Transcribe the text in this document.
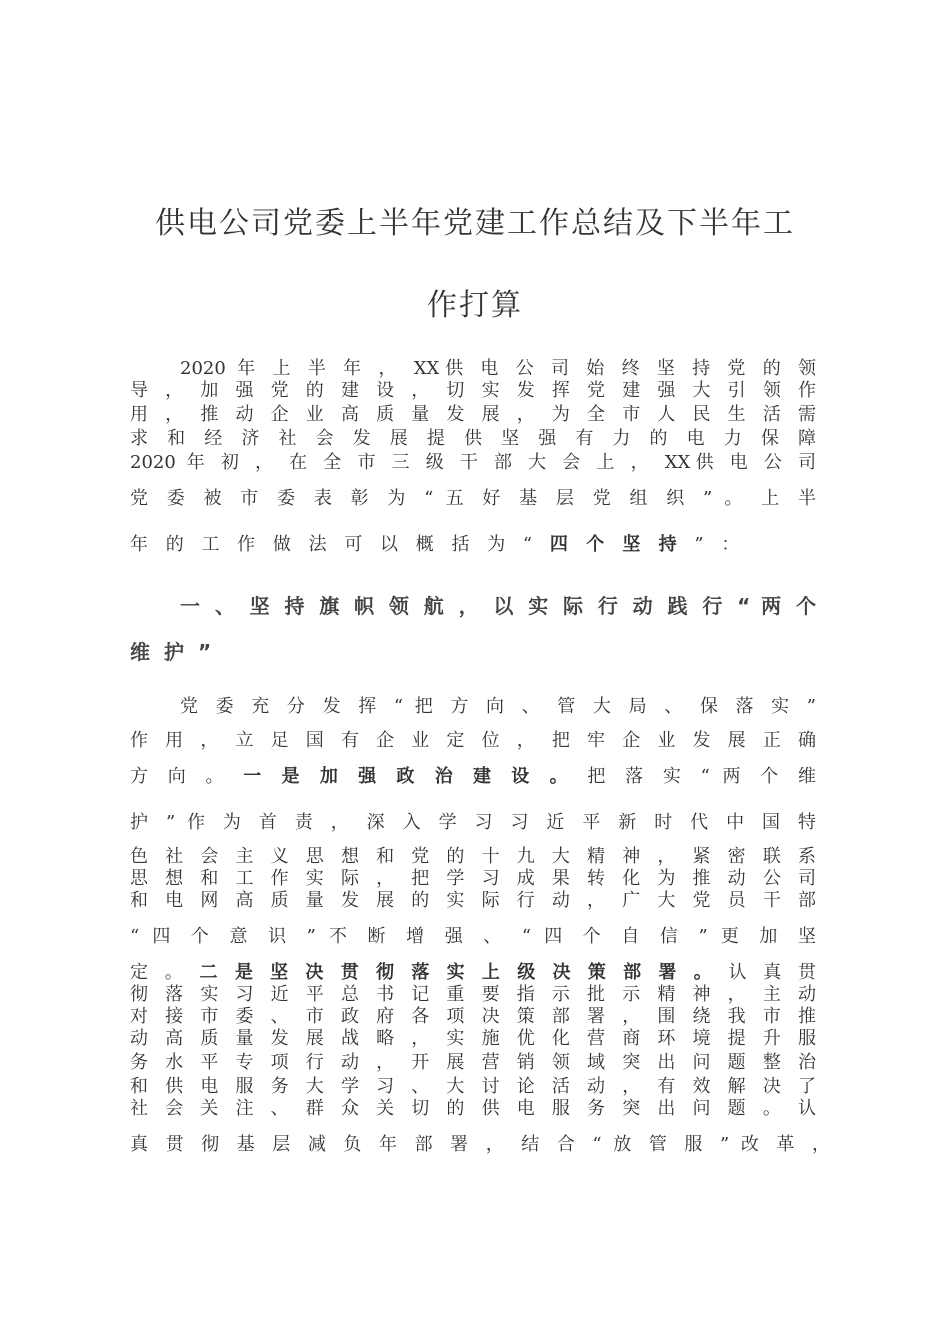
供电公司党委上半年党建工作总结及下半年工
作打算
2020 年 上 半 年 ， XX供 电 公 司 始 终 坚 持 党 的 领
导 ， 加 强 党 的 建 设 ， 切 实 发 挥 党 建 强 大 引 领 作
用 ， 推 动 企 业 高 质 量 发 展 ， 为 全 市 人 民 生 活 需
求 和 经 济 社 会 发 展 提 供 坚 强 有 力 的 电 力 保 障
2020 年 初 ， 在 全 市 三 级 干 部 大 会 上 ， XX供 电 公 司
党 委 被 市 委 表 彰 为 “ 五 好 基 层 党 组 织 ” 。 上 半
年 的 工 作 做 法 可 以 概 括 为 “ 四 个 坚 持 ” ：
一 、 坚 持 旗 帜 领 航 ， 以 实 际 行 动 践 行 “ 两 个
维护”
党 委 充 分 发 挥 “ 把 方 向 、 管 大 局 、 保 落 实 ”
作 用 ， 立 足 国 有 企 业 定 位 ， 把 牢 企 业 发 展 正 确
方 向 。 一 是 加 强 政 治 建 设 。 把 落 实 “ 两 个 维
护 ” 作 为 首 责 ， 深 入 学 习 习 近 平 新 时 代 中 国 特
色 社 会 主 义 思 想 和 党 的 十 九 大 精 神 ， 紧 密 联 系
思 想 和 工 作 实 际 ， 把 学 习 成 果 转 化 为 推 动 公 司
和 电 网 高 质 量 发 展 的 实 际 行 动 ， 广 大 党 员 干 部
“ 四 个 意 识 ” 不 断 增 强 、 “ 四 个 自 信 ” 更 加 坚
定 。 二 是 坚 决 贯 彻 落 实 上 级 决 策 部 署 。 认 真 贯
彻 落 实 习 近 平 总 书 记 重 要 指 示 批 示 精 神 ， 主 动
对 接 市 委 、 市 政 府 各 项 决 策 部 署 ， 围 绕 我 市 推
动 高 质 量 发 展 战 略 ， 实 施 优 化 营 商 环 境 提 升 服
务 水 平 专 项 行 动 ， 开 展 营 销 领 域 突 出 问 题 整 治
和 供 电 服 务 大 学 习 、 大 讨 论 活 动 ， 有 效 解 决 了
社 会 关 注 、 群 众 关 切 的 供 电 服 务 突 出 问 题 。 认
真 贯 彻 基 层 减 负 年 部 署 ， 结 合 “ 放 管 服 ” 改 革 ，
